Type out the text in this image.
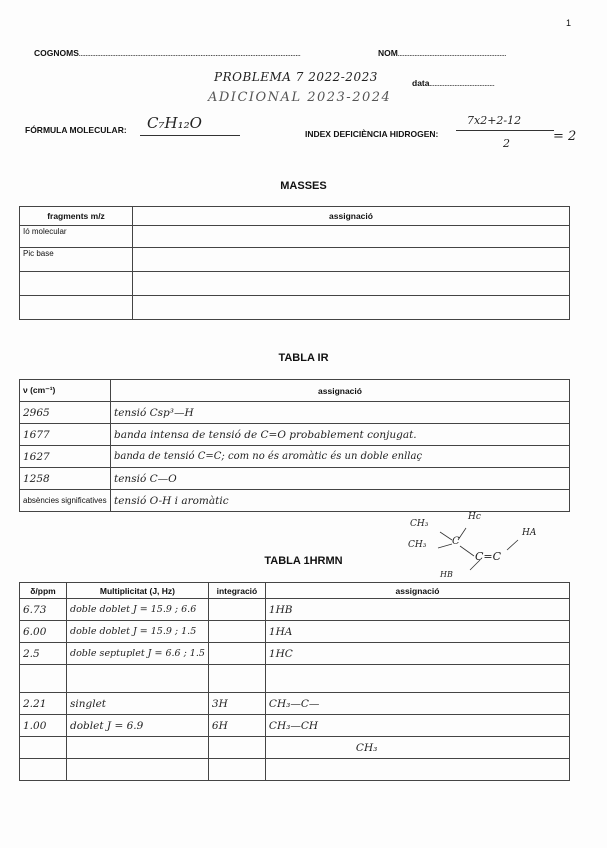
1
COGNOMS.....................................................................................................................................	NOM.................................................................
PROBLEMA 7 2022-2023
ADICIONAL 2023-2024
data.......................................
FÓRMULA MOLECULAR: C₇H₁₂O
INDEX DEFICIÈNCIA HIDROGEN:
7x2+2-12
2	= 2
MASSES
fragments m/z	assignació
Ió molecular	
Pic base	

TABLA IR
ν (cm⁻¹)	assignació
2965	tensió Csp³—H
1677	banda intensa de tensió de C=O probablement conjugat.
1627	banda de tensió C=C; com no és aromàtic és un doble enllaç
1258	tensió C—O
absències significatives	tensió O-H i aromàtic
CH₃
CH₃	C
Hc
HA
C=C
HB
TABLA 1HRMN
δ/ppm	Multiplicitat (J, Hz)	integració	assignació
6.73	doble doblet J = 15.9 ; 6.6		1HB
6.00	doble doblet J = 15.9 ; 1.5		1HA
2.5	doble septuplet J = 6.6 ; 1.5		1HC

2.21	singlet	3H	CH₃—C—
1.00	doblet J = 6.9	6H	CH₃—CH
			CH₃
